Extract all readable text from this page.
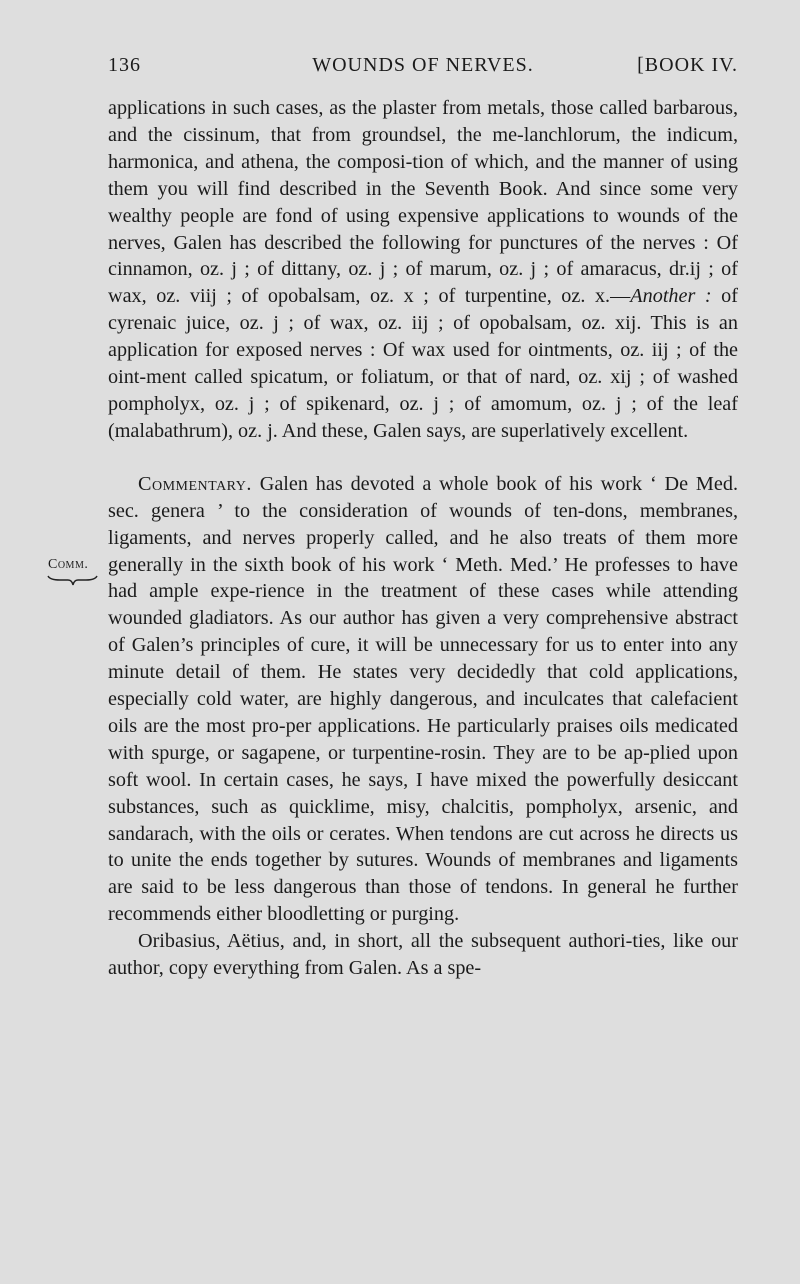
136	WOUNDS OF NERVES.	[BOOK IV.
Comm.

applications in such cases, as the plaster from metals, those called barbarous, and the cissinum, that from groundsel, the me-lanchlorum, the indicum, harmonica, and athena, the composi-tion of which, and the manner of using them you will find described in the Seventh Book. And since some very wealthy people are fond of using expensive applications to wounds of the nerves, Galen has described the following for punctures of the nerves : Of cinnamon, oz. j ; of dittany, oz. j ; of marum, oz. j ; of amaracus, dr.ij ; of wax, oz. viij ; of opobalsam, oz. x ; of turpentine, oz. x.—Another : of cyrenaic juice, oz. j ; of wax, oz. iij ; of opobalsam, oz. xij. This is an application for exposed nerves : Of wax used for ointments, oz. iij ; of the oint-ment called spicatum, or foliatum, or that of nard, oz. xij ; of washed pompholyx, oz. j ; of spikenard, oz. j ; of amomum, oz. j ; of the leaf (malabathrum), oz. j. And these, Galen says, are superlatively excellent.

Commentary. Galen has devoted a whole book of his work ‘ De Med. sec. genera ’ to the consideration of wounds of ten-dons, membranes, ligaments, and nerves properly called, and he also treats of them more generally in the sixth book of his work ‘ Meth. Med.’ He professes to have had ample expe-rience in the treatment of these cases while attending wounded gladiators. As our author has given a very comprehensive abstract of Galen’s principles of cure, it will be unnecessary for us to enter into any minute detail of them. He states very decidedly that cold applications, especially cold water, are highly dangerous, and inculcates that calefacient oils are the most pro-per applications. He particularly praises oils medicated with spurge, or sagapene, or turpentine-rosin. They are to be ap-plied upon soft wool. In certain cases, he says, I have mixed the powerfully desiccant substances, such as quicklime, misy, chalcitis, pompholyx, arsenic, and sandarach, with the oils or cerates. When tendons are cut across he directs us to unite the ends together by sutures. Wounds of membranes and ligaments are said to be less dangerous than those of tendons. In general he further recommends either bloodletting or purging.

Oribasius, Aëtius, and, in short, all the subsequent authori-ties, like our author, copy everything from Galen. As a spe-
